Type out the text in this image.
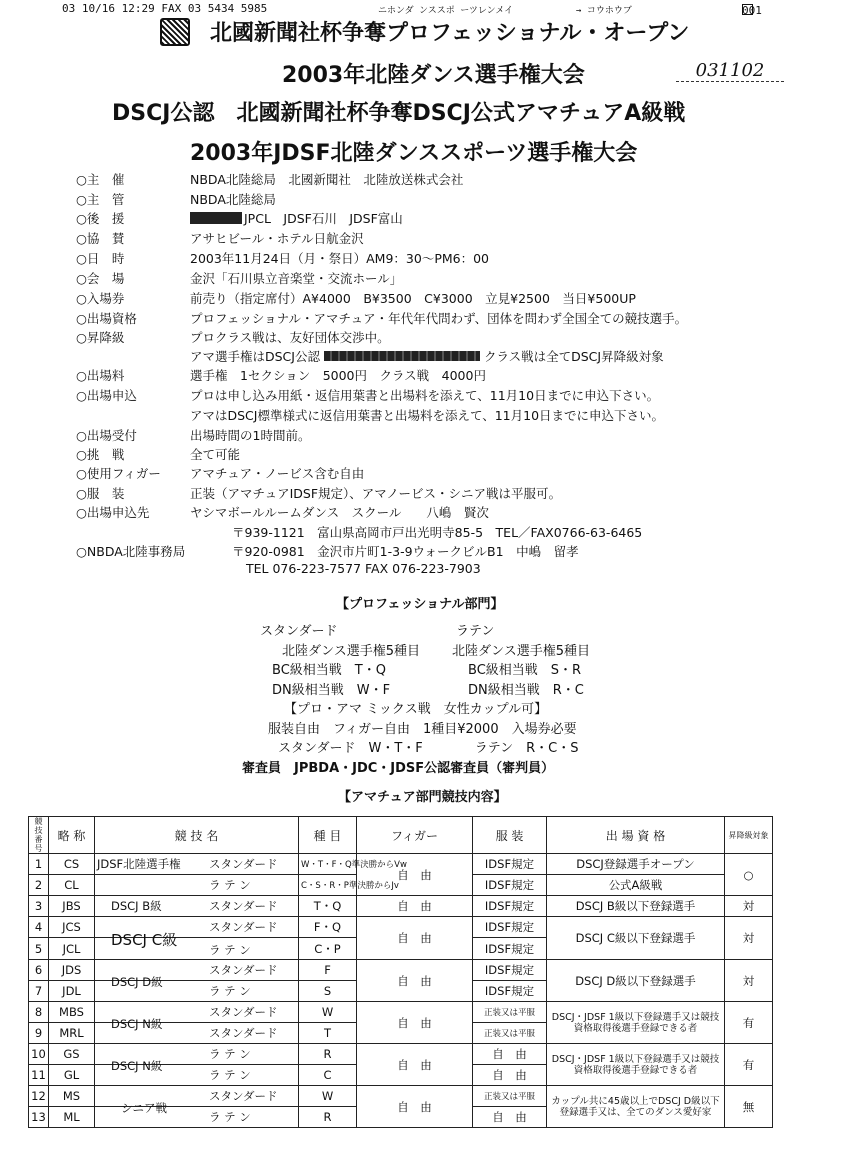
03 10/16 12:29 FAX 03 5434 5985	ニホンダ ンススポ ーツレンメイ	→ コウホウブ	001
北國新聞社杯争奪プロフェッショナル・オープン
2003年北陸ダンス選手権大会	031102
DSCJ公認　北國新聞社杯争奪DSCJ公式アマチュアA級戦
2003年JDSF北陸ダンススポーツ選手権大会
○主　催	NBDA北陸総局　北國新聞社　北陸放送株式会社
○主　管	NBDA北陸総局
○後　援	JPCL　JDSF石川　JDSF富山
○協　賛	アサヒビール・ホテル日航金沢
○日　時	2003年11月24日（月・祭日）AM9：30～PM6：00
○会　場	金沢「石川県立音楽堂・交流ホール」
○入場券	前売り（指定席付）A¥4000　B¥3500　C¥3000　立見¥2500　当日¥500UP
○出場資格	プロフェッショナル・アマチュア・年代年代問わず、団体を問わず全国全ての競技選手。
○昇降級	プロクラス戦は、友好団体交渉中。
アマ選手権はDSCJ公認	クラス戦は全てDSCJ昇降級対象
○出場料	選手権　1セクション　5000円　クラス戦　4000円
○出場申込	プロは申し込み用紙・返信用葉書と出場料を添えて、11月10日までに申込下さい。
アマはDSCJ標準様式に返信用葉書と出場料を添えて、11月10日までに申込下さい。
○出場受付	出場時間の1時間前。
○挑　戦	全て可能
○使用フィガー アマチュア・ノービス含む自由
○服　装	正装（アマチュアIDSF規定）、アマノービス・シニア戦は平服可。
○出場申込先	ヤシマボールルームダンス　スクール　　八嶋　賢次
〒939-1121　富山県高岡市戸出光明寺85-5　TEL／FAX0766-63-6465
○NBDA北陸事務局	〒920-0981　金沢市片町1-3-9ウォークビルB1　中嶋　留孝
TEL 076-223-7577 FAX 076-223-7903
【プロフェッショナル部門】
スタンダード	ラテン
北陸ダンス選手権5種目 北陸ダンス選手権5種目
BC級相当戦　T・Q	BC級相当戦　S・R
DN級相当戦　W・F	DN級相当戦　R・C
【プロ・アマ ミックス戦　女性カップル可】
服装自由　フィガー自由　1種目¥2000　入場券必要
スタンダード　W・T・F　　　　ラテン　R・C・S
審査員　JPBDA・JDC・JDSF公認審査員（審判員）
【アマチュア部門競技内容】
競技番号	略 称	競 技 名	種 目	フィガー	服 装	出 場 資 格	昇降級対象
1	CS	JDSF北陸選手権 スタンダード	W・T・F・Q準決勝からVw	自　由	IDSF規定	DSCJ登録選手オープン	○
2	CL	ラ テ ン	C・S・R・P準決勝からJv		IDSF規定	公式A級戦	
3	JBS	DSCJ B級 スタンダード	T・Q	自　由	IDSF規定	DSCJ B級以下登録選手	対
4	JCS	スタンダード	F・Q	自　由	IDSF規定	DSCJ C級以下登録選手	対
5	JCL	DSCJ C級ラ テ ン	C・P		IDSF規定		
6	JDS	スタンダード	F	自　由	IDSF規定	DSCJ D級以下登録選手	対
7	JDL	DSCJ D級ラ テ ン	S		IDSF規定		
8	MBS	スタンダード	W	自　由	正装又は平服	DSCJ・JDSF 1級以下登録選手又は競技資格取得後選手登録できる者	有
9	MRL	DSCJ N級スタンダード	T		正装又は平服		
10	GS	ラ テ ン	R	自　由	自　由	DSCJ・JDSF 1級以下登録選手又は競技資格取得後選手登録できる者	有
11	GL	DSCJ N級ラ テ ン	C		自　由		
12	MS	スタンダード	W	自　由	正装又は平服	カップル共に45歳以上でDSCJ D級以下登録選手又は、全てのダンス愛好家	無
13	ML	シニア戦ラ テ ン	R		自　由		
